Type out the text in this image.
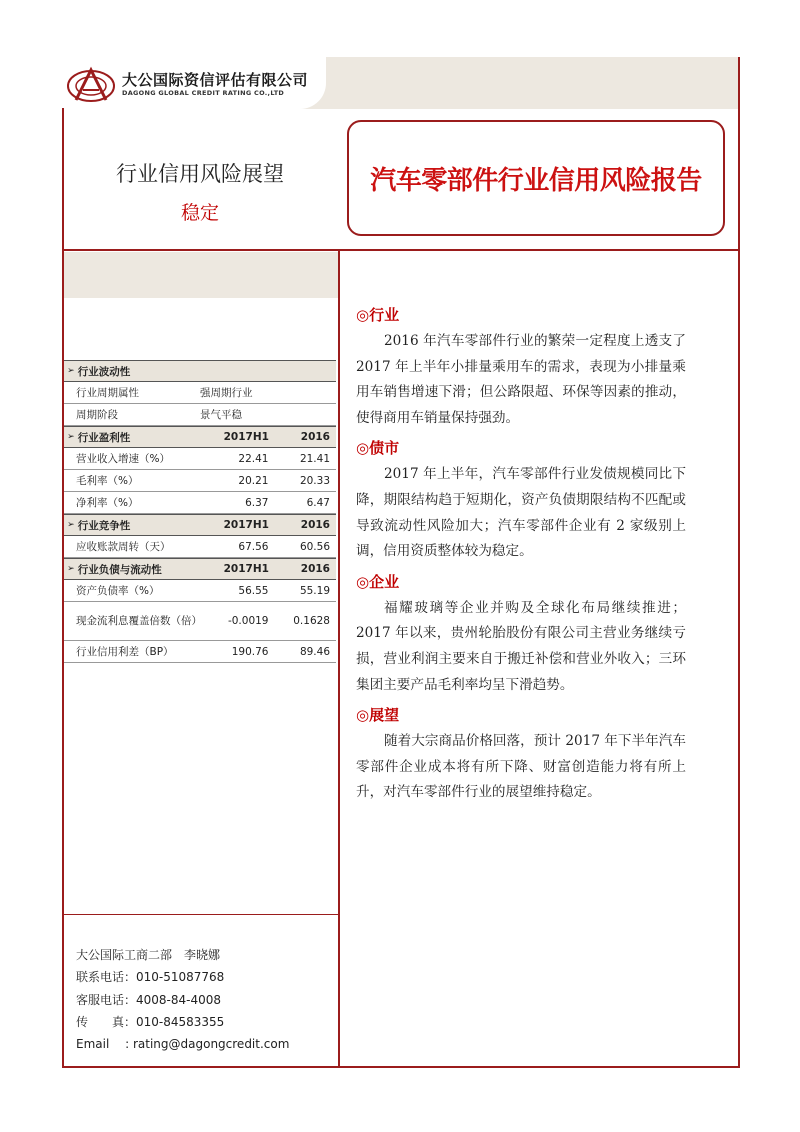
大公国际资信评估有限公司
DAGONG GLOBAL CREDIT RATING CO.,LTD
行业信用风险展望
稳定
汽车零部件行业信用风险报告
➢ 行业波动性
行业周期属性	强周期行业
周期阶段	景气平稳
➢ 行业盈利性	2017H1	2016
营业收入增速（%）	22.41	21.41
毛利率（%）	20.21	20.33
净利率（%）	6.37	6.47
➢ 行业竞争性	2017H1	2016
应收账款周转（天）	67.56	60.56
➢ 行业负债与流动性	2017H1	2016
资产负债率（%）	56.55	55.19
现金流利息覆盖倍数（倍）	-0.0019	0.1628
行业信用利差（BP）	190.76	89.46
◎行业

2016 年汽车零部件行业的繁荣一定程度上透支了 2017 年上半年小排量乘用车的需求，表现为小排量乘用车销售增速下滑；但公路限超、环保等因素的推动，使得商用车销量保持强劲。

◎债市

2017 年上半年，汽车零部件行业发债规模同比下降，期限结构趋于短期化，资产负债期限结构不匹配或导致流动性风险加大；汽车零部件企业有 2 家级别上调，信用资质整体较为稳定。

◎企业

福耀玻璃等企业并购及全球化布局继续推进；2017 年以来，贵州轮胎股份有限公司主营业务继续亏损，营业利润主要来自于搬迁补偿和营业外收入；三环集团主要产品毛利率均呈下滑趋势。

◎展望

随着大宗商品价格回落，预计 2017 年下半年汽车零部件企业成本将有所下降、财富创造能力将有所上升，对汽车零部件行业的展望维持稳定。

大公国际工商二部　李晓娜
联系电话：010-51087768
客服电话：4008-84-4008
传　　真：010-84583355
Email　 : rating@dagongcredit.com
